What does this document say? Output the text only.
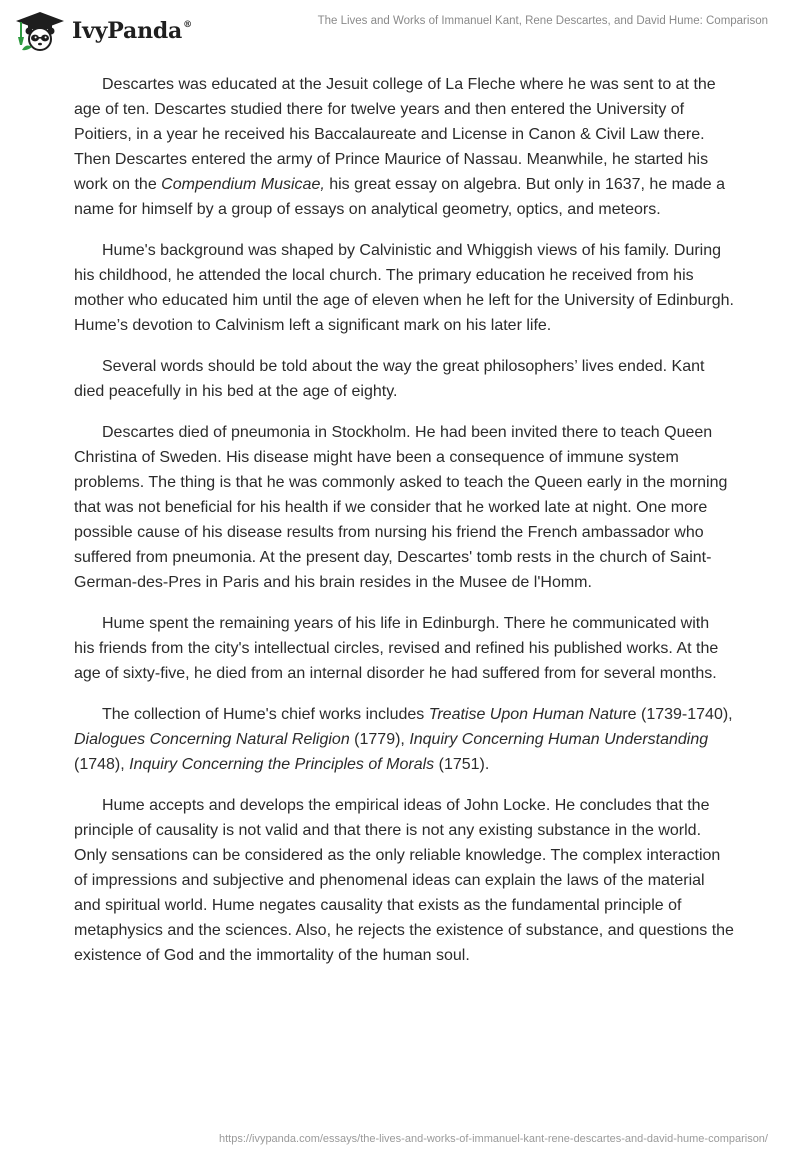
IvyPanda®	The Lives and Works of Immanuel Kant, Rene Descartes, and David Hume: Comparison

Descartes was educated at the Jesuit college of La Fleche where he was sent to at the age of ten. Descartes studied there for twelve years and then entered the University of Poitiers, in a year he received his Baccalaureate and License in Canon & Civil Law there. Then Descartes entered the army of Prince Maurice of Nassau. Meanwhile, he started his work on the Compendium Musicae, his great essay on algebra. But only in 1637, he made a name for himself by a group of essays on analytical geometry, optics, and meteors.

Hume's background was shaped by Calvinistic and Whiggish views of his family. During his childhood, he attended the local church. The primary education he received from his mother who educated him until the age of eleven when he left for the University of Edinburgh. Hume’s devotion to Calvinism left a significant mark on his later life.

Several words should be told about the way the great philosophers’ lives ended. Kant died peacefully in his bed at the age of eighty.

Descartes died of pneumonia in Stockholm. He had been invited there to teach Queen Christina of Sweden. His disease might have been a consequence of immune system problems. The thing is that he was commonly asked to teach the Queen early in the morning that was not beneficial for his health if we consider that he worked late at night. One more possible cause of his disease results from nursing his friend the French ambassador who suffered from pneumonia. At the present day, Descartes' tomb rests in the church of Saint-German-des-Pres in Paris and his brain resides in the Musee de l'Homm.

Hume spent the remaining years of his life in Edinburgh. There he communicated with his friends from the city's intellectual circles, revised and refined his published works. At the age of sixty-five, he died from an internal disorder he had suffered from for several months.

The collection of Hume's chief works includes Treatise Upon Human Nature (1739-1740), Dialogues Concerning Natural Religion (1779), Inquiry Concerning Human Understanding (1748), Inquiry Concerning the Principles of Morals (1751).

Hume accepts and develops the empirical ideas of John Locke. He concludes that the principle of causality is not valid and that there is not any existing substance in the world. Only sensations can be considered as the only reliable knowledge. The complex interaction of impressions and subjective and phenomenal ideas can explain the laws of the material and spiritual world. Hume negates causality that exists as the fundamental principle of metaphysics and the sciences. Also, he rejects the existence of substance, and questions the existence of God and the immortality of the human soul.

https://ivypanda.com/essays/the-lives-and-works-of-immanuel-kant-rene-descartes-and-david-hume-comparison/
